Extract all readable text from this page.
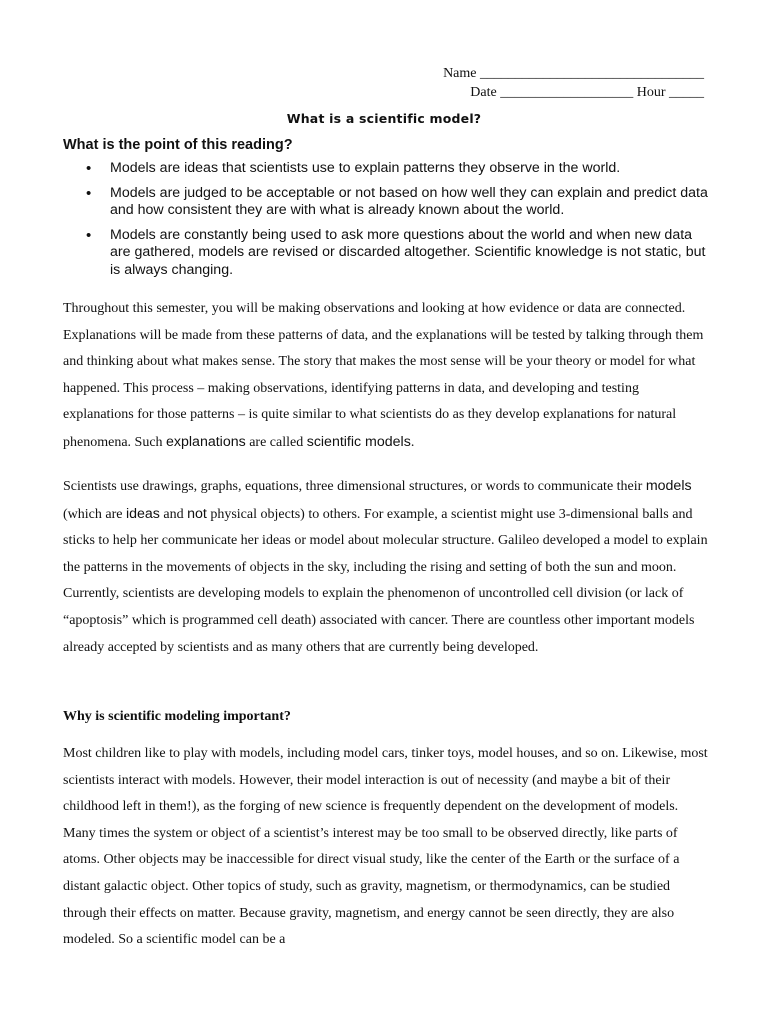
Name ________________________________
Date ___________________ Hour _____
What is a scientific model?
What is the point of this reading?
• Models are ideas that scientists use to explain patterns they observe in the world.
• Models are judged to be acceptable or not based on how well they can explain and predict data and how consistent they are with what is already known about the world.
• Models are constantly being used to ask more questions about the world and when new data are gathered, models are revised or discarded altogether. Scientific knowledge is not static, but is always changing.

Throughout this semester, you will be making observations and looking at how evidence or data are connected. Explanations will be made from these patterns of data, and the explanations will be tested by talking through them and thinking about what makes sense. The story that makes the most sense will be your theory or model for what happened. This process – making observations, identifying patterns in data, and developing and testing explanations for those patterns – is quite similar to what scientists do as they develop explanations for natural phenomena. Such explanations are called scientific models.

Scientists use drawings, graphs, equations, three dimensional structures, or words to communicate their models (which are ideas and not physical objects) to others. For example, a scientist might use 3-dimensional balls and sticks to help her communicate her ideas or model about molecular structure. Galileo developed a model to explain the patterns in the movements of objects in the sky, including the rising and setting of both the sun and moon. Currently, scientists are developing models to explain the phenomenon of uncontrolled cell division (or lack of “apoptosis” which is programmed cell death) associated with cancer. There are countless other important models already accepted by scientists and as many others that are currently being developed.

Why is scientific modeling important?

Most children like to play with models, including model cars, tinker toys, model houses, and so on. Likewise, most scientists interact with models. However, their model interaction is out of necessity (and maybe a bit of their childhood left in them!), as the forging of new science is frequently dependent on the development of models. Many times the system or object of a scientist’s interest may be too small to be observed directly, like parts of atoms. Other objects may be inaccessible for direct visual study, like the center of the Earth or the surface of a distant galactic object. Other topics of study, such as gravity, magnetism, or thermodynamics, can be studied through their effects on matter. Because gravity, magnetism, and energy cannot be seen directly, they are also modeled. So a scientific model can be a
